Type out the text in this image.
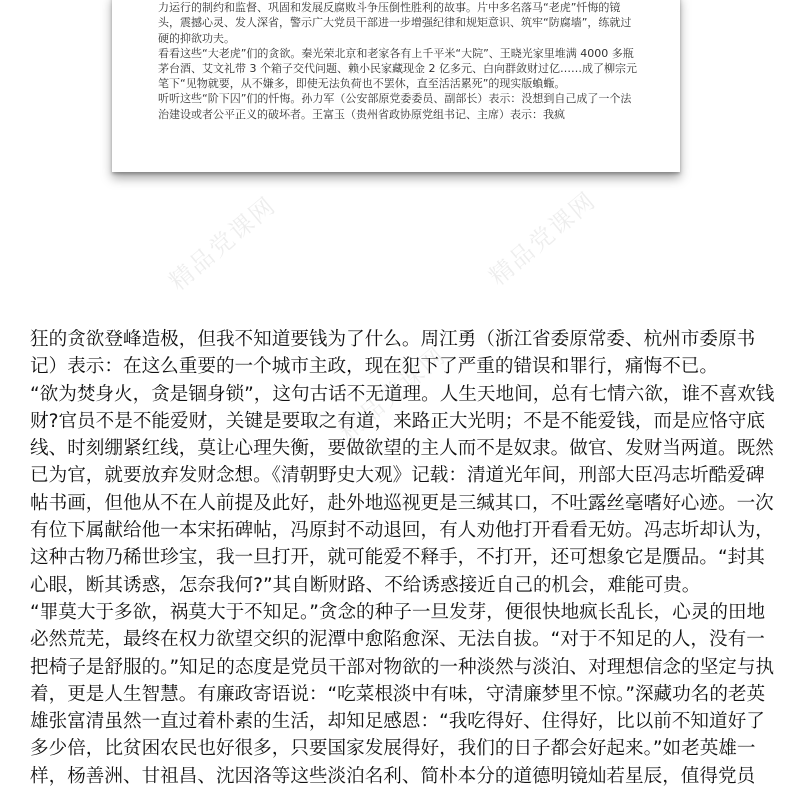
力运行的制约和监督、巩固和发展反腐败斗争压倒性胜利的故事。片中多名落马“老虎”忏悔的镜头，震撼心灵、发人深省，警示广大党员干部进一步增强纪律和规矩意识、筑牢“防腐墙”，练就过硬的抑欲功夫。

看看这些“大老虎”们的贪欲。秦光荣北京和老家各有上千平米“大院”、王晓光家里堆满 4000 多瓶茅台酒、艾文礼带 3 个箱子交代问题、赖小民家藏现金 2 亿多元、白向群敛财过亿……成了柳宗元笔下“见物就要，从不嫌多，即使无法负荷也不罢休，直至活活累死”的现实版蝜蝂。

听听这些“阶下囚”们的忏悔。孙力军（公安部原党委委员、副部长）表示：没想到自己成了一个法治建设或者公平正义的破坏者。王富玉（贵州省政协原党组书记、主席）表示：我疯

精品党课网	精品党课网
精品党课网

狂的贪欲登峰造极，但我不知道要钱为了什么。周江勇（浙江省委原常委、杭州市委原书记）表示：在这么重要的一个城市主政，现在犯下了严重的错误和罪行，痛悔不已。

“欲为焚身火，贪是锢身锁”，这句古话不无道理。人生天地间，总有七情六欲，谁不喜欢钱财?官员不是不能爱财，关键是要取之有道，来路正大光明；不是不能爱钱，而是应恪守底线、时刻绷紧红线，莫让心理失衡，要做欲望的主人而不是奴隶。做官、发财当两道。既然已为官，就要放弃发财念想。《清朝野史大观》记载：清道光年间，刑部大臣冯志圻酷爱碑帖书画，但他从不在人前提及此好，赴外地巡视更是三缄其口，不吐露丝毫嗜好心迹。一次有位下属献给他一本宋拓碑帖，冯原封不动退回，有人劝他打开看看无妨。冯志圻却认为，这种古物乃稀世珍宝，我一旦打开，就可能爱不释手，不打开，还可想象它是赝品。“封其心眼，断其诱惑，怎奈我何?”其自断财路、不给诱惑接近自己的机会，难能可贵。

“罪莫大于多欲，祸莫大于不知足。”贪念的种子一旦发芽，便很快地疯长乱长，心灵的田地必然荒芜，最终在权力欲望交织的泥潭中愈陷愈深、无法自拔。“对于不知足的人，没有一把椅子是舒服的。”知足的态度是党员干部对物欲的一种淡然与淡泊、对理想信念的坚定与执着，更是人生智慧。有廉政寄语说：“吃菜根淡中有味，守清廉梦里不惊。”深藏功名的老英雄张富清虽然一直过着朴素的生活，却知足感恩：“我吃得好、住得好，比以前不知道好了多少倍，比贫困农民也好很多，只要国家发展得好，我们的日子都会好起来。”如老英雄一样，杨善洲、甘祖昌、沈因洛等这些淡泊名利、简朴本分的道德明镜灿若星辰，值得党员
